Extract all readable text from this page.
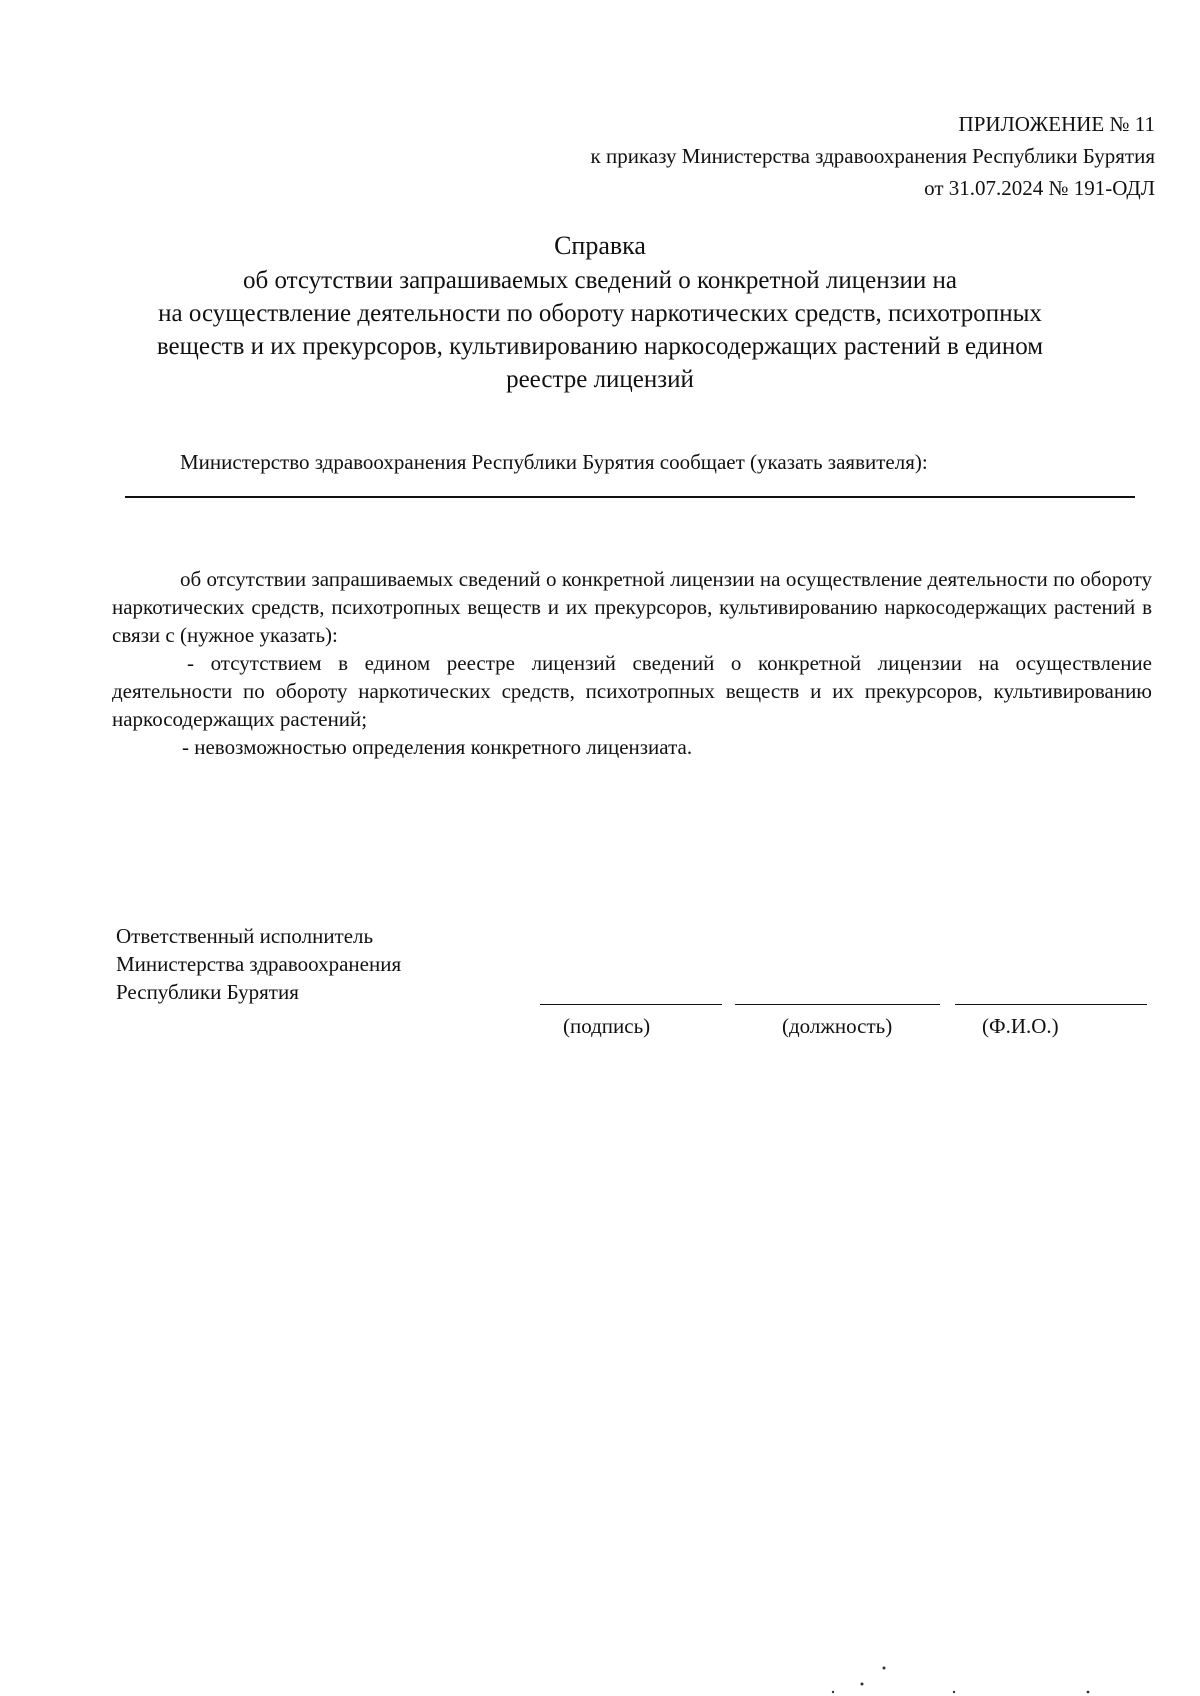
ПРИЛОЖЕНИЕ № 11
к приказу Министерства здравоохранения Республики Бурятия
от 31.07.2024 № 191-ОДЛ
Справка
об отсутствии запрашиваемых сведений о конкретной лицензии на
на осуществление деятельности по обороту наркотических средств, психотропных
веществ и их прекурсоров, культивированию наркосодержащих растений в едином
реестре лицензий
Министерство здравоохранения Республики Бурятия сообщает (указать заявителя):

об отсутствии запрашиваемых сведений о конкретной лицензии на осуществление деятельности по обороту наркотических средств, психотропных веществ и их прекурсоров, культивированию наркосодержащих растений в связи с (нужное указать):

- отсутствием в едином реестре лицензий сведений о конкретной лицензии на осуществление деятельности по обороту наркотических средств, психотропных веществ и их прекурсоров, культивированию наркосодержащих растений;

- невозможностью определения конкретного лицензиата.

Ответственный исполнитель
Министерства здравоохранения
Республики Бурятия
(подпись)	(должность)	(Ф.И.О.)
